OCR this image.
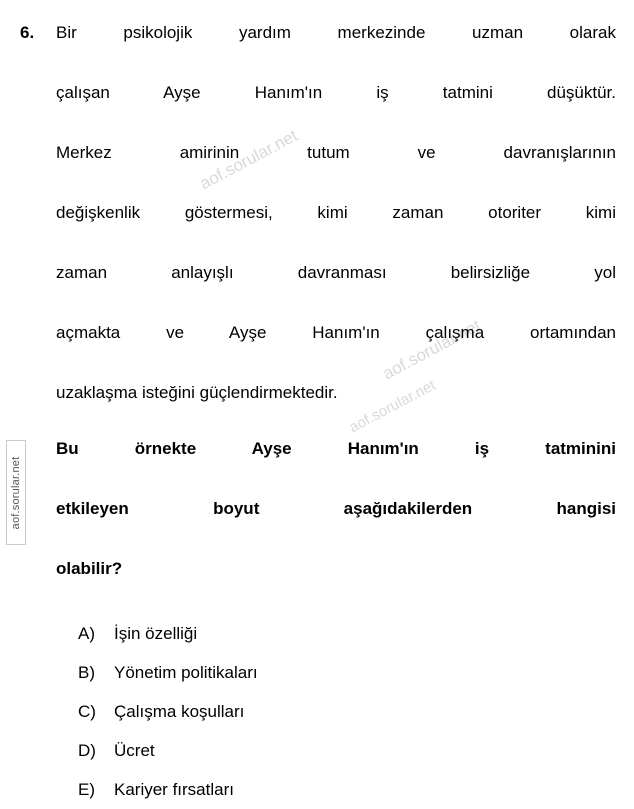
aof.sorular.net
aof.sorular.net
aof.sorular.net
aof.sorular.net
6.	Bir psikolojik yardım merkezinde uzman olarak
çalışan Ayşe Hanım'ın iş tatmini düşüktür.
Merkez amirinin tutum ve davranışlarının
değişkenlik göstermesi, kimi zaman otoriter kimi
zaman anlayışlı davranması belirsizliğe yol
açmakta ve Ayşe Hanım'ın çalışma ortamından
uzaklaşma isteğini güçlendirmektedir.

Bu örnekte Ayşe Hanım'ın iş tatminini
etkileyen boyut aşağıdakilerden hangisi
olabilir?

A)	İşin özelliği
B)	Yönetim politikaları
C)	Çalışma koşulları
D)	Ücret
E)	Kariyer fırsatları
